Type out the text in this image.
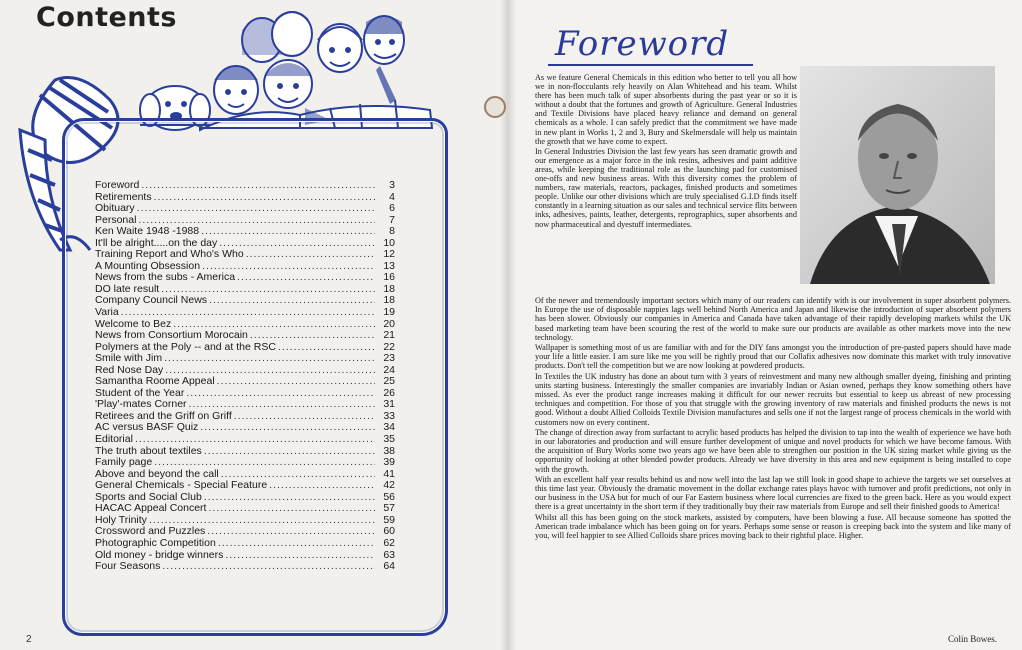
Contents
Foreword .....	3
Retirements .....	4
Obituary .....	6
Personal .....	7
Ken Waite 1948 -1988 .....	8
It'll be alright.....on the day .....	10
Training Report and Who's Who .....	12
A Mounting Obsession .....	13
News from the subs - America .....	16
DO late result .....	18
Company Council News .....	18
Varia .....	19
Welcome to Bez .....	20
News from Consortium Morocain .....	21
Polymers at the Poly -- and at the RSC .....	22
Smile with Jim .....	23
Red Nose Day .....	24
Samantha Roome Appeal .....	25
Student of the Year .....	26
'Play'-mates Corner .....	31
Retirees and the Griff on Griff .....	33
AC versus BASF Quiz .....	34
Editorial .....	35
The truth about textiles .....	38
Family page .....	39
Above and beyond the call .....	41
General Chemicals - Special Feature .....	42
Sports and Social Club .....	56
HACAC Appeal Concert .....	57
Holy Trinity .....	59
Crossword and Puzzles .....	60
Photographic Competition .....	62
Old money - bridge winners .....	63
Four Seasons .....	64
2
Foreword

As we feature General Chemicals in this edition who better to tell you all how we in non-flocculants rely heavily on Alan Whitehead and his team. Whilst there has been much talk of super absorbents during the past year or so it is without a doubt that the fortunes and growth of Agriculture. General Industries and Textile Divisions have placed heavy reliance and demand on general chemicals as a whole. I can safely predict that the commitment we have made in new plant in Works 1, 2 and 3, Bury and Skelmersdale will help us maintain the growth that we have come to expect.

In General Industries Division the last few years has seen dramatic growth and our emergence as a major force in the ink resins, adhesives and paint additive areas, while keeping the traditional role as the launching pad for customised one-offs and new business areas. With this diversity comes the problem of numbers, raw materials, reactors, packages, finished products and sometimes people. Unlike our other divisions which are truly specialised G.I.D finds itself constantly in a learning situation as our sales and technical service flits between inks, adhesives, paints, leather, detergents, reprographics, super absorbents and now pharmaceutical and dyestuff intermediates.

Of the newer and tremendously important sectors which many of our readers can identify with is our involvement in super absorbent polymers. In Europe the use of disposable nappies lags well behind North America and Japan and likewise the introduction of super absorbent polymers has been slower. Obviously our companies in America and Canada have taken advantage of their rapidly developing markets whilst the UK based marketing team have been scouring the rest of the world to make sure our products are available as other markets move into the new technology.

Wallpaper is something most of us are familiar with and for the DIY fans amongst you the introduction of pre-pasted papers should have made your life a little easier. I am sure like me you will be rightly proud that our Collafix adhesives now dominate this market with truly innovative products. Don't tell the competition but we are now looking at powdered products.

In Textiles the UK industry has done an about turn with 3 years of reinvestment and many new although smaller dyeing, finishing and printing units starting business. Interestingly the smaller companies are invariably Indian or Asian owned, perhaps they know something others have missed. As ever the product range increases making it difficult for our newer recruits but essential to keep us abreast of new processing techniques and competition. For those of you that struggle with the growing inventory of raw materials and finished products the news is not good. Without a doubt Allied Colloids Textile Division manufactures and sells one if not the largest range of process chemicals in the world with customers now on every continent.

The change of direction away from surfactant to acrylic based products has helped the division to tap into the wealth of experience we have both in our laboratories and production and will ensure further development of unique and novel products for which we have become famous. With the acquisition of Bury Works some two years ago we have been able to strengthen our position in the UK sizing market while giving us the opportunity of looking at other blended powder products. Already we have diversity in this area and new equipment is being installed to cope with the growth.

With an excellent half year results behind us and now well into the last lap we still look in good shape to achieve the targets we set ourselves at this time last year. Obviously the dramatic movement in the dollar exchange rates plays havoc with turnover and profit predictions, not only in our business in the USA but for much of our Far Eastern business where local currencies are fixed to the green back. Here as you would expect there is a great uncertainty in the short term if they traditionally buy their raw materials from Europe and sell their finished goods to America!

Whilst all this has been going on the stock markets, assisted by computers, have been blowing a fuse. All because someone has spotted the American trade imbalance which has been going on for years. Perhaps some sense or reason is creeping back into the system and like many of you, will feel happier to see Allied Colloids share prices moving back to their rightful place. Higher.

Colin Bowes.
